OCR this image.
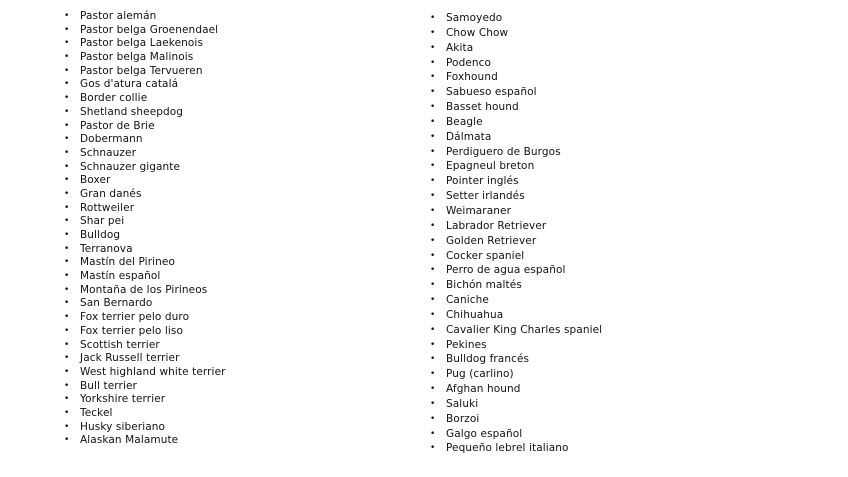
• Pastor alemán
• Pastor belga Groenendael
• Pastor belga Laekenois
• Pastor belga Malinois
• Pastor belga Tervueren
• Gos d'atura catalá
• Border collie
• Shetland sheepdog
• Pastor de Brie
• Dobermann
• Schnauzer
• Schnauzer gigante
• Boxer
• Gran danés
• Rottweiler
• Shar pei
• Bulldog
• Terranova
• Mastín del Pirineo
• Mastín español
• Montaña de los Pirineos
• San Bernardo
• Fox terrier pelo duro
• Fox terrier pelo liso
• Scottish terrier
• Jack Russell terrier
• West highland white terrier
• Bull terrier
• Yorkshire terrier
• Teckel
• Husky siberiano
• Alaskan Malamute
• Samoyedo
• Chow Chow
• Akita
• Podenco
• Foxhound
• Sabueso español
• Basset hound
• Beagle
• Dálmata
• Perdiguero de Burgos
• Epagneul breton
• Pointer inglés
• Setter irlandés
• Weimaraner
• Labrador Retriever
• Golden Retriever
• Cocker spaniel
• Perro de agua español
• Bichón maltés
• Caniche
• Chihuahua
• Cavalier King Charles spaniel
• Pekines
• Bulldog francés
• Pug (carlino)
• Afghan hound
• Saluki
• Borzoi
• Galgo español
• Pequeño lebrel italiano
